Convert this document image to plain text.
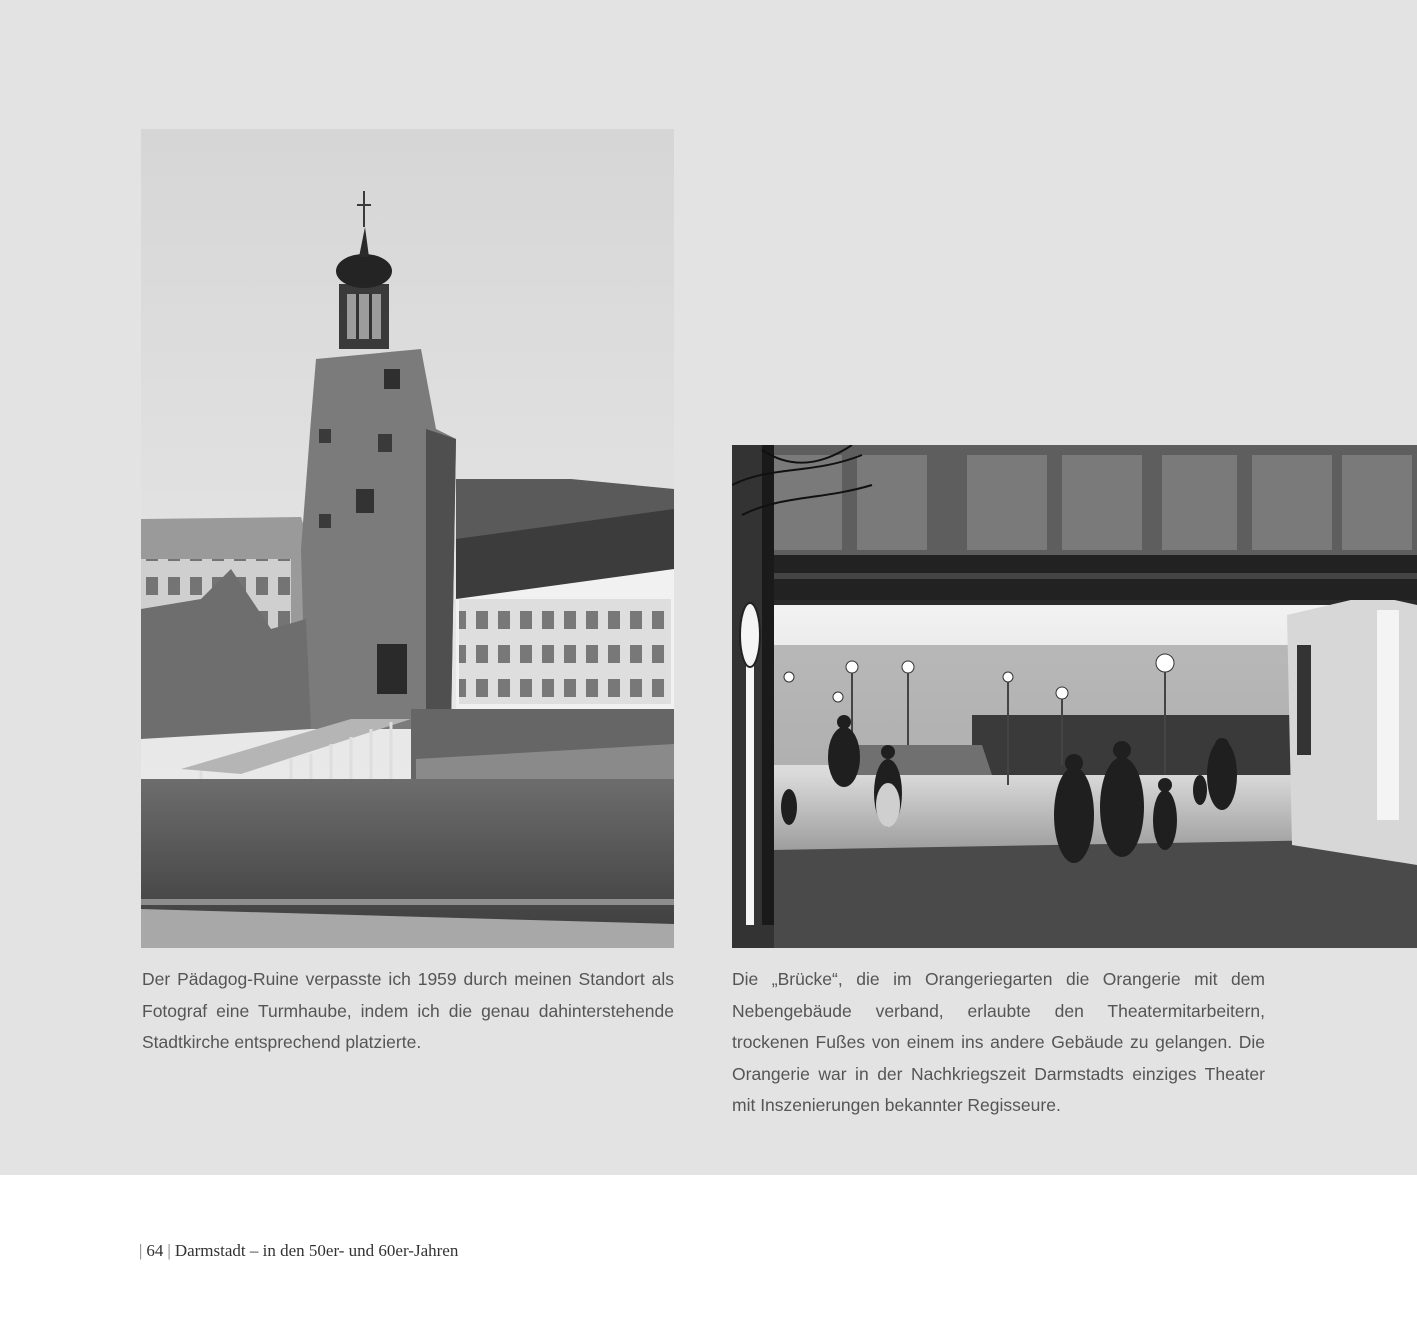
Der Pädagog-Ruine verpasste ich 1959 durch meinen Standort als Fotograf eine Turmhaube, indem ich die genau dahinterstehende Stadtkirche entsprechend platzierte.

Die „Brücke“, die im Orangeriegarten die Orangerie mit dem Nebengebäude verband, erlaubte den Theatermitarbeitern, trockenen Fußes von einem ins andere Gebäude zu gelangen. Die Orangerie war in der Nachkriegszeit Darmstadts einziges Theater mit Inszenierungen bekannter Regisseure.

| 64 | Darmstadt – in den 50er- und 60er-Jahren
